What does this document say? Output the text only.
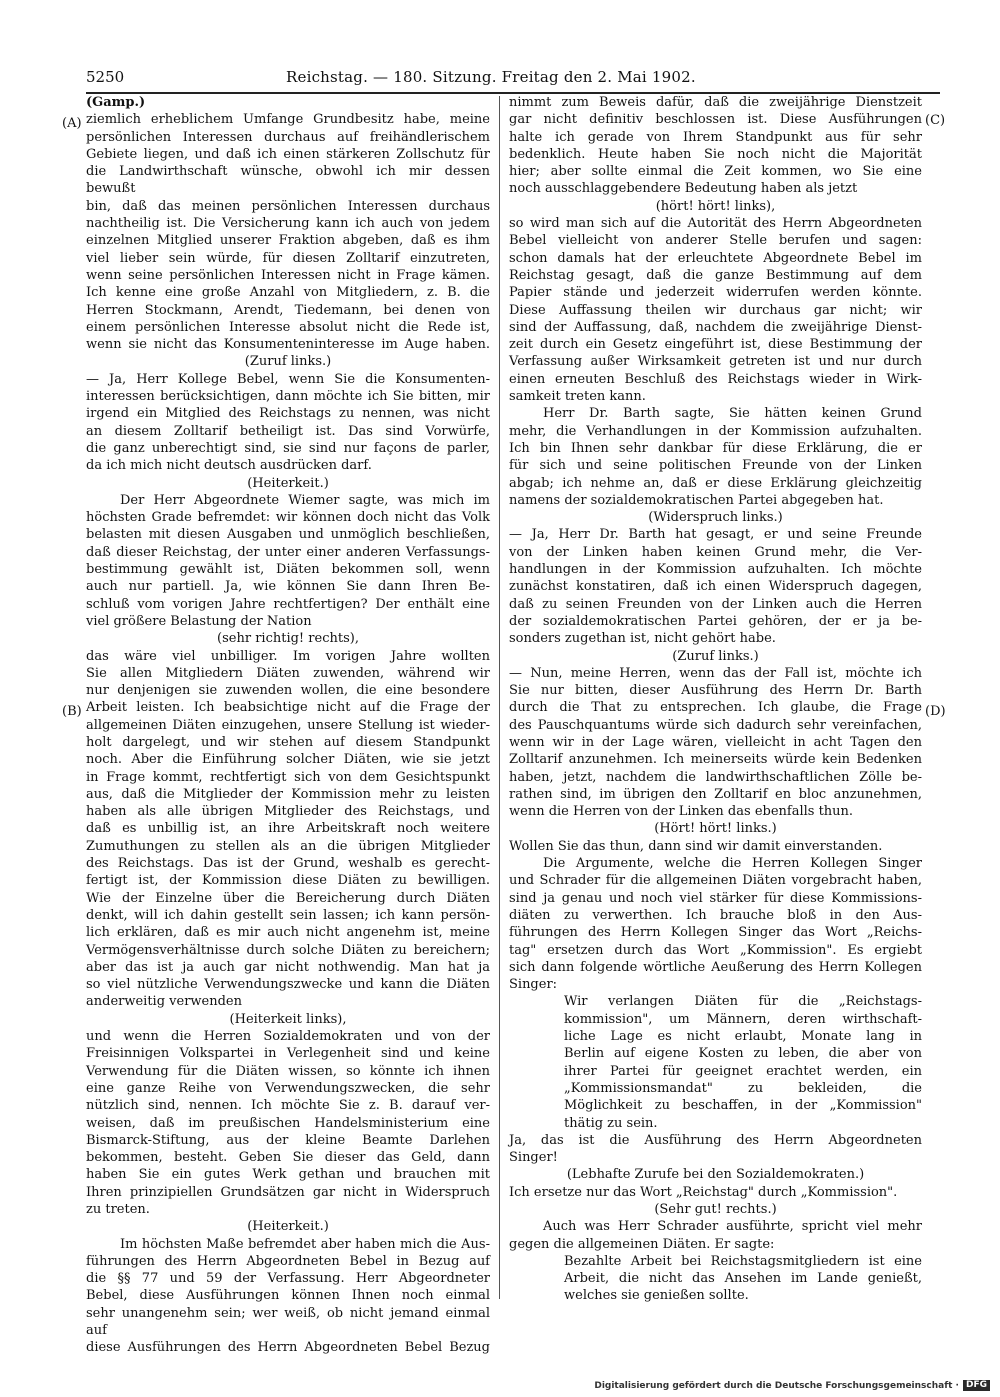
5250	Reichstag. — 180. Sitzung. Freitag den 2. Mai 1902.

(Gamp.)

ziemlich erheblichem Umfange Grundbesitz habe, meine

persönlichen Interessen durchaus auf freihändlerischem

Gebiete liegen, und daß ich einen stärkeren Zollschutz für

die Landwirthschaft wünsche, obwohl ich mir dessen bewußt

bin, daß das meinen persönlichen Interessen durchaus

nachtheilig ist. Die Versicherung kann ich auch von jedem

einzelnen Mitglied unserer Fraktion abgeben, daß es ihm

viel lieber sein würde, für diesen Zolltarif einzutreten,

wenn seine persönlichen Interessen nicht in Frage kämen.

Ich kenne eine große Anzahl von Mitgliedern, z. B. die

Herren Stockmann, Arendt, Tiedemann, bei denen von

einem persönlichen Interesse absolut nicht die Rede ist,

wenn sie nicht das Konsumenteninteresse im Auge haben.

(Zuruf links.)

— Ja, Herr Kollege Bebel, wenn Sie die Konsumenten-

interessen berücksichtigen, dann möchte ich Sie bitten, mir

irgend ein Mitglied des Reichstags zu nennen, was nicht

an diesem Zolltarif betheiligt ist. Das sind Vorwürfe,

die ganz unberechtigt sind, sie sind nur façons de parler,

da ich mich nicht deutsch ausdrücken darf.

(Heiterkeit.)

Der Herr Abgeordnete Wiemer sagte, was mich im

höchsten Grade befremdet: wir können doch nicht das Volk

belasten mit diesen Ausgaben und unmöglich beschließen,

daß dieser Reichstag, der unter einer anderen Verfassungs-

bestimmung gewählt ist, Diäten bekommen soll, wenn

auch nur partiell. Ja, wie können Sie dann Ihren Be-

schluß vom vorigen Jahre rechtfertigen? Der enthält eine

viel größere Belastung der Nation

(sehr richtig! rechts),

das wäre viel unbilliger. Im vorigen Jahre wollten

Sie allen Mitgliedern Diäten zuwenden, während wir

nur denjenigen sie zuwenden wollen, die eine besondere

Arbeit leisten. Ich beabsichtige nicht auf die Frage der

allgemeinen Diäten einzugehen, unsere Stellung ist wieder-

holt dargelegt, und wir stehen auf diesem Standpunkt

noch. Aber die Einführung solcher Diäten, wie sie jetzt

in Frage kommt, rechtfertigt sich von dem Gesichtspunkt

aus, daß die Mitglieder der Kommission mehr zu leisten

haben als alle übrigen Mitglieder des Reichstags, und

daß es unbillig ist, an ihre Arbeitskraft noch weitere

Zumuthungen zu stellen als an die übrigen Mitglieder

des Reichstags. Das ist der Grund, weshalb es gerecht-

fertigt ist, der Kommission diese Diäten zu bewilligen.

Wie der Einzelne über die Bereicherung durch Diäten

denkt, will ich dahin gestellt sein lassen; ich kann persön-

lich erklären, daß es mir auch nicht angenehm ist, meine

Vermögensverhältnisse durch solche Diäten zu bereichern;

aber das ist ja auch gar nicht nothwendig. Man hat ja

so viel nützliche Verwendungszwecke und kann die Diäten

anderweitig verwenden

(Heiterkeit links),

und wenn die Herren Sozialdemokraten und von der

Freisinnigen Volkspartei in Verlegenheit sind und keine

Verwendung für die Diäten wissen, so könnte ich ihnen

eine ganze Reihe von Verwendungszwecken, die sehr

nützlich sind, nennen. Ich möchte Sie z. B. darauf ver-

weisen, daß im preußischen Handelsministerium eine

Bismarck-Stiftung, aus der kleine Beamte Darlehen

bekommen, besteht. Geben Sie dieser das Geld, dann

haben Sie ein gutes Werk gethan und brauchen mit

Ihren prinzipiellen Grundsätzen gar nicht in Widerspruch

zu treten.

(Heiterkeit.)

Im höchsten Maße befremdet aber haben mich die Aus-

führungen des Herrn Abgeordneten Bebel in Bezug auf

die §§ 77 und 59 der Verfassung. Herr Abgeordneter

Bebel, diese Ausführungen können Ihnen noch einmal

sehr unangenehm sein; wer weiß, ob nicht jemand einmal auf

diese Ausführungen des Herrn Abgeordneten Bebel Bezug

nimmt zum Beweis dafür, daß die zweijährige Dienstzeit

gar nicht definitiv beschlossen ist. Diese Ausführungen

halte ich gerade von Ihrem Standpunkt aus für sehr

bedenklich. Heute haben Sie noch nicht die Majorität

hier; aber sollte einmal die Zeit kommen, wo Sie eine

noch ausschlaggebendere Bedeutung haben als jetzt

(hört! hört! links),

so wird man sich auf die Autorität des Herrn Abgeordneten

Bebel vielleicht von anderer Stelle berufen und sagen:

schon damals hat der erleuchtete Abgeordnete Bebel im

Reichstag gesagt, daß die ganze Bestimmung auf dem

Papier stände und jederzeit widerrufen werden könnte.

Diese Auffassung theilen wir durchaus gar nicht; wir

sind der Auffassung, daß, nachdem die zweijährige Dienst-

zeit durch ein Gesetz eingeführt ist, diese Bestimmung der

Verfassung außer Wirksamkeit getreten ist und nur durch

einen erneuten Beschluß des Reichstags wieder in Wirk-

samkeit treten kann.

Herr Dr. Barth sagte, Sie hätten keinen Grund

mehr, die Verhandlungen in der Kommission aufzuhalten.

Ich bin Ihnen sehr dankbar für diese Erklärung, die er

für sich und seine politischen Freunde von der Linken

abgab; ich nehme an, daß er diese Erklärung gleichzeitig

namens der sozialdemokratischen Partei abgegeben hat.

(Widerspruch links.)

— Ja, Herr Dr. Barth hat gesagt, er und seine Freunde

von der Linken haben keinen Grund mehr, die Ver-

handlungen in der Kommission aufzuhalten. Ich möchte

zunächst konstatiren, daß ich einen Widerspruch dagegen,

daß zu seinen Freunden von der Linken auch die Herren

der sozialdemokratischen Partei gehören, der er ja be-

sonders zugethan ist, nicht gehört habe.

(Zuruf links.)

— Nun, meine Herren, wenn das der Fall ist, möchte ich

Sie nur bitten, dieser Ausführung des Herrn Dr. Barth

durch die That zu entsprechen. Ich glaube, die Frage

des Pauschquantums würde sich dadurch sehr vereinfachen,

wenn wir in der Lage wären, vielleicht in acht Tagen den

Zolltarif anzunehmen. Ich meinerseits würde kein Bedenken

haben, jetzt, nachdem die landwirthschaftlichen Zölle be-

rathen sind, im übrigen den Zolltarif en bloc anzunehmen,

wenn die Herren von der Linken das ebenfalls thun.

(Hört! hört! links.)

Wollen Sie das thun, dann sind wir damit einverstanden.

Die Argumente, welche die Herren Kollegen Singer

und Schrader für die allgemeinen Diäten vorgebracht haben,

sind ja genau und noch viel stärker für diese Kommissions-

diäten zu verwerthen. Ich brauche bloß in den Aus-

führungen des Herrn Kollegen Singer das Wort „Reichs-

tag" ersetzen durch das Wort „Kommission". Es ergiebt

sich dann folgende wörtliche Aeußerung des Herrn Kollegen

Singer:

Wir verlangen Diäten für die „Reichstags-

kommission", um Männern, deren wirthschaft-

liche Lage es nicht erlaubt, Monate lang in

Berlin auf eigene Kosten zu leben, die aber von

ihrer Partei für geeignet erachtet werden, ein

„Kommissionsmandat" zu bekleiden, die

Möglichkeit zu beschaffen, in der „Kommission"

thätig zu sein.

Ja, das ist die Ausführung des Herrn Abgeordneten

Singer!

(Lebhafte Zurufe bei den Sozialdemokraten.)

Ich ersetze nur das Wort „Reichstag" durch „Kommission".

(Sehr gut! rechts.)

Auch was Herr Schrader ausführte, spricht viel mehr

gegen die allgemeinen Diäten. Er sagte:

Bezahlte Arbeit bei Reichstagsmitgliedern ist eine

Arbeit, die nicht das Ansehen im Lande genießt,

welches sie genießen sollte.

(A)
(B)
(C)
(D)
Digitalisierung gefördert durch die Deutsche Forschungsgemeinschaft · DFG
